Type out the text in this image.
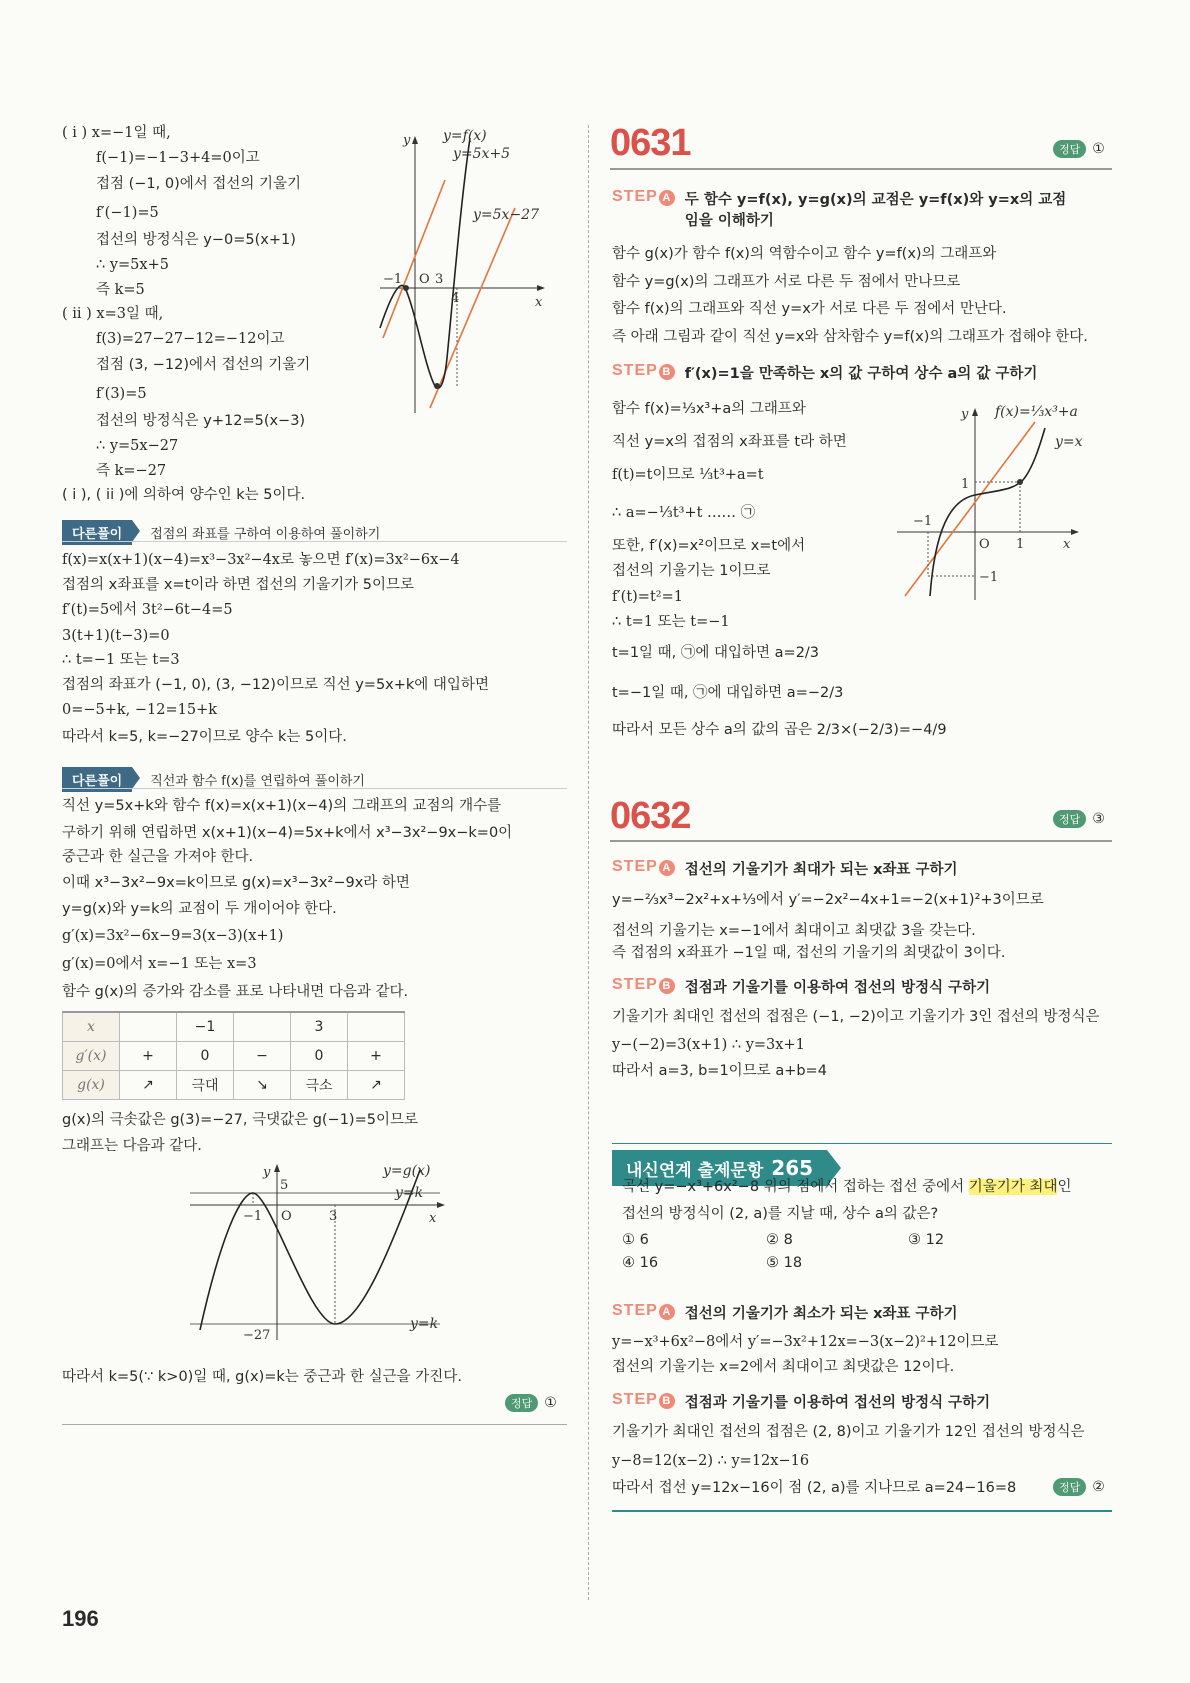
( i ) x=−1일 때,
f(−1)=−1−3+4=0이고
접점 (−1, 0)에서 접선의 기울기
f′(−1)=5
접선의 방정식은 y−0=5(x+1)
∴ y=5x+5
즉 k=5
( ii ) x=3일 때,
f(3)=27−27−12=−12이고
접점 (3, −12)에서 접선의 기울기
f′(3)=5
접선의 방정식은 y+12=5(x−3)
∴ y=5x−27
즉 k=−27
( i ), ( ii )에 의하여 양수인 k는 5이다.
y y=f(x)
y=5x+5
y=5x−27
x
−1 O 3
4
다른풀이	접점의 좌표를 구하여 이용하여 풀이하기
f(x)=x(x+1)(x−4)=x³−3x²−4x로 놓으면 f′(x)=3x²−6x−4
접점의 x좌표를 x=t이라 하면 접선의 기울기가 5이므로
f′(t)=5에서 3t²−6t−4=5
3(t+1)(t−3)=0
∴ t=−1 또는 t=3
접점의 좌표가 (−1, 0), (3, −12)이므로 직선 y=5x+k에 대입하면
0=−5+k, −12=15+k
따라서 k=5, k=−27이므로 양수 k는 5이다.
다른풀이	직선과 함수 f(x)를 연립하여 풀이하기
직선 y=5x+k와 함수 f(x)=x(x+1)(x−4)의 그래프의 교점의 개수를
구하기 위해 연립하면 x(x+1)(x−4)=5x+k에서 x³−3x²−9x−k=0이
중근과 한 실근을 가져야 한다.
이때 x³−3x²−9x=k이므로 g(x)=x³−3x²−9x라 하면
y=g(x)와 y=k의 교점이 두 개이어야 한다.
g′(x)=3x²−6x−9=3(x−3)(x+1)
g′(x)=0에서 x=−1 또는 x=3
함수 g(x)의 증가와 감소를 표로 나타내면 다음과 같다.
x		−1		3	
g′(x)	+	0	−	0	+
g(x)	↗	극대	↘	극소	↗
g(x)의 극솟값은 g(3)=−27, 극댓값은 g(−1)=5이므로
그래프는 다음과 같다.
y
5
y=g(x)
y=k
O	3
−1	x
−27
y=k
따라서 k=5(∵ k>0)일 때, g(x)=k는 중근과 한 실근을 가진다.
정답 ①
0631	정답 ①
STEP A 두 함수 y=f(x), y=g(x)의 교점은 y=f(x)와 y=x의 교점
임을 이해하기
함수 g(x)가 함수 f(x)의 역함수이고 함수 y=f(x)의 그래프와
함수 y=g(x)의 그래프가 서로 다른 두 점에서 만나므로
함수 f(x)의 그래프와 직선 y=x가 서로 다른 두 점에서 만난다.
즉 아래 그림과 같이 직선 y=x와 삼차함수 y=f(x)의 그래프가 접해야 한다.
STEP B f′(x)=1을 만족하는 x의 값 구하여 상수 a의 값 구하기
함수 f(x)=⅓x³+a의 그래프와
직선 y=x의 접점의 x좌표를 t라 하면
f(t)=t이므로 ⅓t³+a=t
∴ a=−⅓t³+t …… ㉠
또한, f′(x)=x²이므로 x=t에서
접선의 기울기는 1이므로
f′(t)=t²=1
∴ t=1 또는 t=−1
t=1일 때, ㉠에 대입하면 a=2/3
t=−1일 때, ㉠에 대입하면 a=−2/3
따라서 모든 상수 a의 값의 곱은 2/3×(−2/3)=−4/9
y f(x)=⅓x³+a
y=x
1
−1
O 1	x
−1
0632	정답 ③
STEP A 접선의 기울기가 최대가 되는 x좌표 구하기
y=−⅔x³−2x²+x+⅓에서 y′=−2x²−4x+1=−2(x+1)²+3이므로
접선의 기울기는 x=−1에서 최대이고 최댓값 3을 갖는다.
즉 접점의 x좌표가 −1일 때, 접선의 기울기의 최댓값이 3이다.
STEP B 접점과 기울기를 이용하여 접선의 방정식 구하기
기울기가 최대인 접선의 접점은 (−1, −2)이고 기울기가 3인 접선의 방정식은
y−(−2)=3(x+1) ∴ y=3x+1
따라서 a=3, b=1이므로 a+b=4
내신연계 출제문항 265
곡선 y=−x³+6x²−8 위의 점에서 접하는 접선 중에서 기울기가 최대인
접선의 방정식이 (2, a)를 지날 때, 상수 a의 값은?
① 6	② 8	③ 12
④ 16	⑤ 18
STEP A 접선의 기울기가 최소가 되는 x좌표 구하기
y=−x³+6x²−8에서 y′=−3x²+12x=−3(x−2)²+12이므로
접선의 기울기는 x=2에서 최대이고 최댓값은 12이다.
STEP B 접점과 기울기를 이용하여 접선의 방정식 구하기
기울기가 최대인 접선의 접점은 (2, 8)이고 기울기가 12인 접선의 방정식은
y−8=12(x−2) ∴ y=12x−16
따라서 접선 y=12x−16이 점 (2, a)를 지나므로 a=24−16=8	정답 ②
196
